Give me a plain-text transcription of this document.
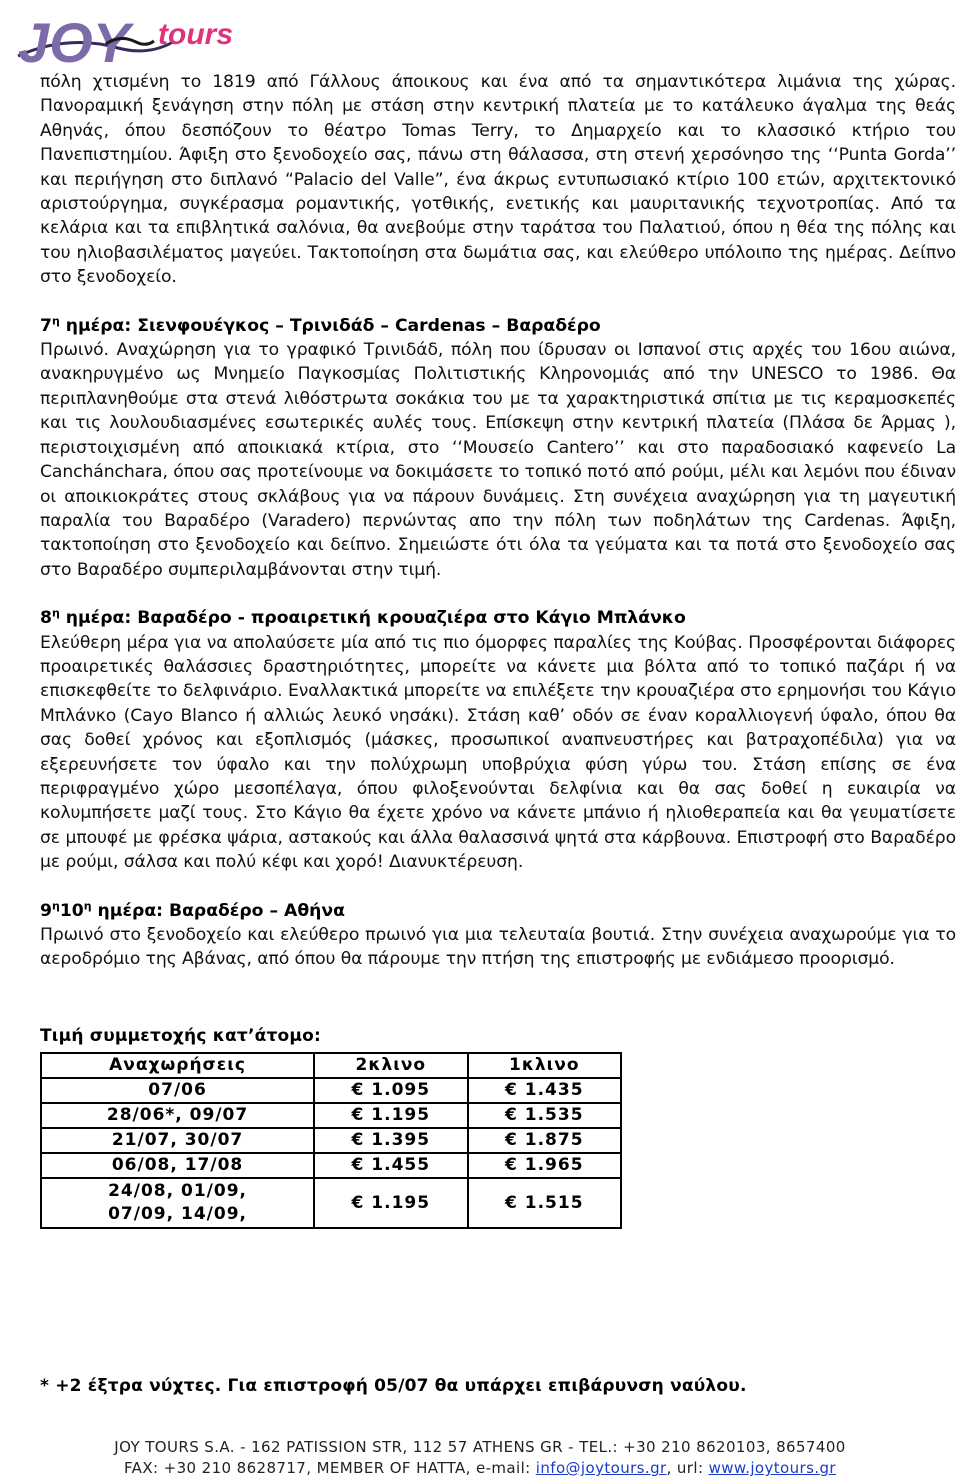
JOY tours

πόλη χτισμένη το 1819 από Γάλλους άποικους και ένα από τα σημαντικότερα λιμάνια της χώρας. Πανοραμική ξενάγηση στην πόλη με στάση στην κεντρική πλατεία με το κατάλευκο άγαλμα της θεάς Αθηνάς, όπου δεσπόζουν το θέατρο Tomas Terry, το Δημαρχείο και το κλασσικό κτήριο του Πανεπιστημίου. Άφιξη στο ξενοδοχείο σας, πάνω στη θάλασσα, στη στενή χερσόνησο της ‘‘Punta Gorda’’ και περιήγηση στο διπλανό “Palacio del Valle”, ένα άκρως εντυπωσιακό κτίριο 100 ετών, αρχιτεκτονικό αριστούργημα, συγκέρασμα ρομαντικής, γοτθικής, ενετικής και μαυριτανικής τεχνοτροπίας. Από τα κελάρια και τα επιβλητικά σαλόνια, θα ανεβούμε στην ταράτσα του Παλατιού, όπου η θέα της πόλης και του ηλιοβασιλέματος μαγεύει. Τακτοποίηση στα δωμάτια σας, και ελεύθερο υπόλοιπο της ημέρας. Δείπνο στο ξενοδοχείο.

$7^\eta$ ημέρα: Σιενφουέγκος – Τρινιδάδ – Cardenas – Βαραδέρο

Πρωινό. Αναχώρηση για το γραφικό Τρινιδάδ, πόλη που ίδρυσαν οι Ισπανοί στις αρχές του 16ου αιώνα, ανακηρυγμένο ως Μνημείο Παγκοσμίας Πολιτιστικής Κληρονομιάς από την UNESCO το 1986. Θα περιπλανηθούμε στα στενά λιθόστρωτα σοκάκια του με τα χαρακτηριστικά σπίτια με τις κεραμοσκεπές και τις λουλουδιασμένες εσωτερικές αυλές τους. Επίσκεψη στην κεντρική πλατεία (Πλάσα δε Άρμας ), περιστοιχισμένη από αποικιακά κτίρια, στο ‘‘Μουσείο Cantero’’ και στο παραδοσιακό καφενείο La Canchánchara, όπου σας προτείνουμε να δοκιμάσετε το τοπικό ποτό από ρούμι, μέλι και λεμόνι που έδιναν οι αποικιοκράτες στους σκλάβους για να πάρουν δυνάμεις. Στη συνέχεια αναχώρηση για τη μαγευτική παραλία του Βαραδέρο (Varadero) περνώντας απο την πόλη των ποδηλάτων της Cardenas. Άφιξη, τακτοποίηση στο ξενοδοχείο και δείπνο. Σημειώστε ότι όλα τα γεύματα και τα ποτά στο ξενοδοχείο σας στο Βαραδέρο συμπεριλαμβάνονται στην τιμή.

$8^\eta$ ημέρα: Βαραδέρο - προαιρετική κρουαζιέρα στο Κάγιο Μπλάνκο

Ελεύθερη μέρα για να απολαύσετε μία από τις πιο όμορφες παραλίες της Κούβας. Προσφέρονται διάφορες προαιρετικές θαλάσσιες δραστηριότητες, μπορείτε να κάνετε μια βόλτα από το τοπικό παζάρι ή να επισκεφθείτε το δελφινάριο. Εναλλακτικά μπορείτε να επιλέξετε την κρουαζιέρα στο ερημονήσι του Κάγιο Μπλάνκο (Cayo Blanco ή αλλιώς λευκό νησάκι). Στάση καθ’ οδόν σε έναν κοραλλιογενή ύφαλο, όπου θα σας δοθεί χρόνος και εξοπλισμός (μάσκες, προσωπικοί αναπνευστήρες και βατραχοπέδιλα) για να εξερευνήσετε τον ύφαλο και την πολύχρωμη υποβρύχια φύση γύρω του. Στάση επίσης σε ένα περιφραγμένο χώρο μεσοπέλαγα, όπου φιλοξενούνται δελφίνια και θα σας δοθεί η ευκαιρία να κολυμπήσετε μαζί τους. Στο Κάγιο θα έχετε χρόνο να κάνετε μπάνιο ή ηλιοθεραπεία και θα γευματίσετε σε μπουφέ με φρέσκα ψάρια, αστακούς και άλλα θαλασσινά ψητά στα κάρβουνα. Επιστροφή στο Βαραδέρο με ρούμι, σάλσα και πολύ κέφι και χορό! Διανυκτέρευση.

$9^\eta 10^\eta$ ημέρα: Βαραδέρο – Αθήνα

Πρωινό στο ξενοδοχείο και ελεύθερο πρωινό για μια τελευταία βουτιά. Στην συνέχεια αναχωρούμε για το αεροδρόμιο της Αβάνας, από όπου θα πάρουμε την πτήση της επιστροφής με ενδιάμεσο προορισμό.

Τιμή συμμετοχής κατ’άτομο:

Αναχωρήσεις	2κλινο	1κλινο
07/06	€ 1.095	€ 1.435
28/06*, 09/07	€ 1.195	€ 1.535
21/07, 30/07	€ 1.395	€ 1.875
06/08, 17/08	€ 1.455	€ 1.965

24/08, 01/09,
07/09, 14/09,	€ 1.195	€ 1.515
* +2 έξτρα νύχτες. Για επιστροφή 05/07 θα υπάρχει επιβάρυνση ναύλου.
JOY TOURS S.A. - 162 PATISSION STR, 112 57 ATHENS GR - TEL.: +30 210 8620103, 8657400
FAX: +30 210 8628717, MEMBER OF HATTA, e-mail: info@joytours.gr, url: www.joytours.gr
